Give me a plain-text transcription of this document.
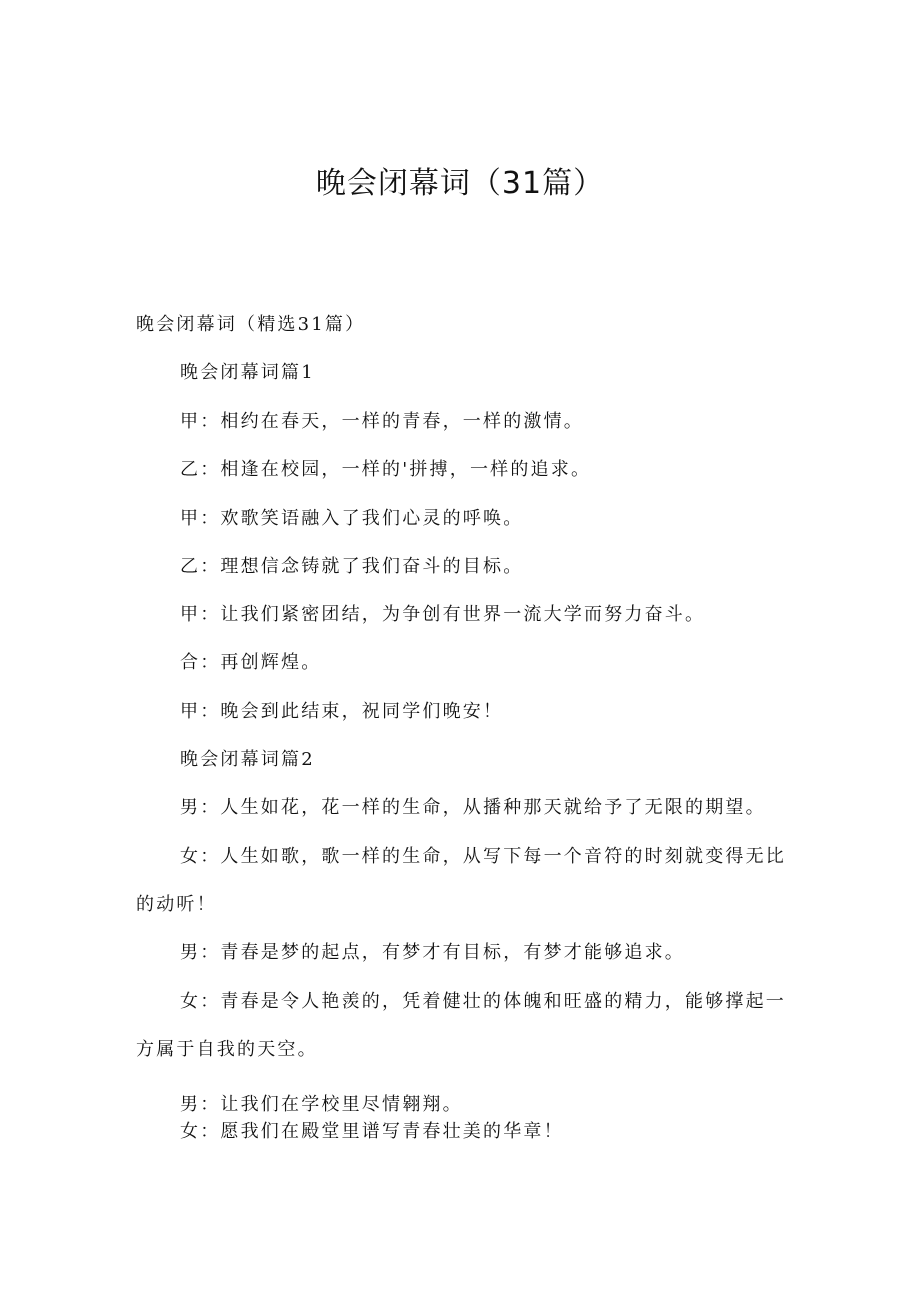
晚会闭幕词（31篇）
晚会闭幕词（精选31篇）
晚会闭幕词篇1
甲：相约在春天，一样的青春，一样的激情。
乙：相逢在校园，一样的'拼搏，一样的追求。
甲：欢歌笑语融入了我们心灵的呼唤。
乙：理想信念铸就了我们奋斗的目标。
甲：让我们紧密团结，为争创有世界一流大学而努力奋斗。
合：再创辉煌。
甲：晚会到此结束，祝同学们晚安！
晚会闭幕词篇2
男：人生如花，花一样的生命，从播种那天就给予了无限的期望。
女：人生如歌，歌一样的生命，从写下每一个音符的时刻就变得无比
的动听！
男：青春是梦的起点，有梦才有目标，有梦才能够追求。
女：青春是令人艳羡的，凭着健壮的体魄和旺盛的精力，能够撑起一
方属于自我的天空。
男：让我们在学校里尽情翱翔。
女：愿我们在殿堂里谱写青春壮美的华章！
